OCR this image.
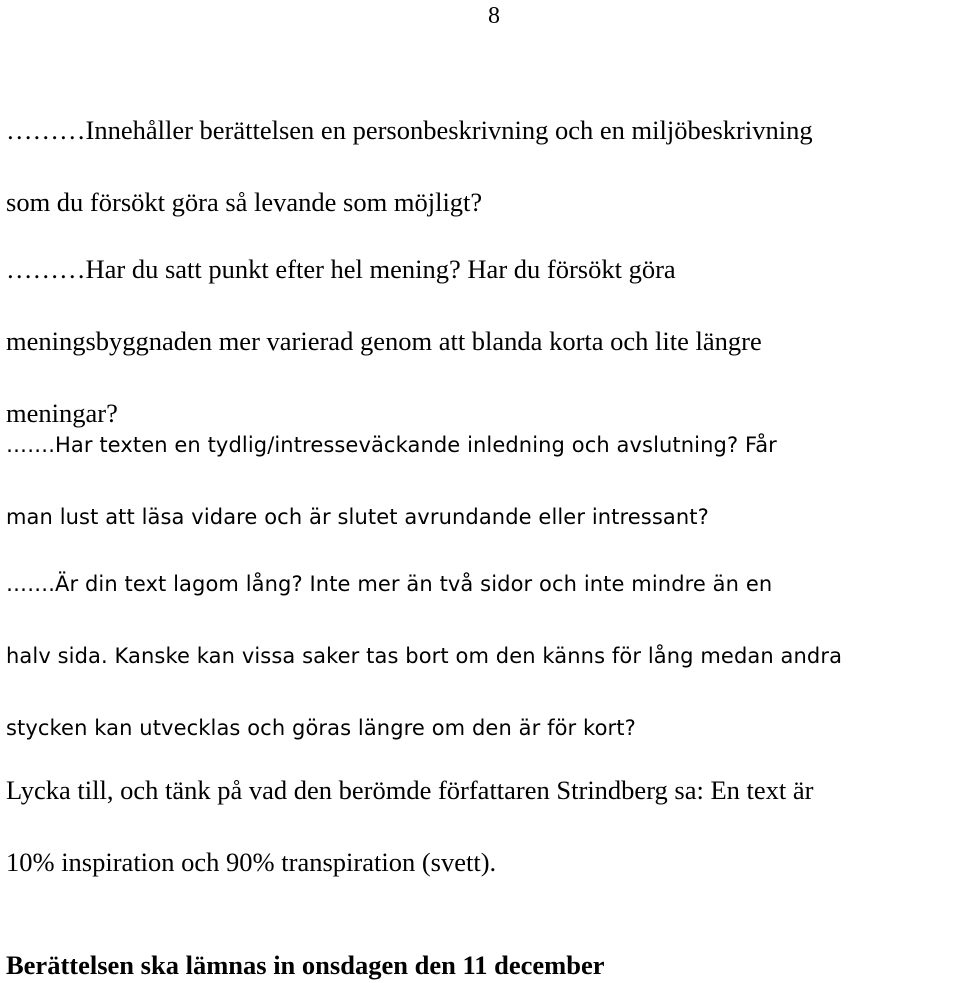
8

………Innehåller berättelsen en personbeskrivning och en miljöbeskrivning

som du försökt göra så levande som möjligt?

………Har du satt punkt efter hel mening? Har du försökt göra

meningsbyggnaden mer varierad genom att blanda korta och lite längre

meningar?

…….Har texten en tydlig/intresseväckande inledning och avslutning? Får

man lust att läsa vidare och är slutet avrundande eller intressant?

…….Är din text lagom lång? Inte mer än två sidor och inte mindre än en

halv sida. Kanske kan vissa saker tas bort om den känns för lång medan andra

stycken kan utvecklas och göras längre om den är för kort?

Lycka till, och tänk på vad den berömde författaren Strindberg sa: En text är

10% inspiration och 90% transpiration (svett).

Berättelsen ska lämnas in onsdagen den 11 december
